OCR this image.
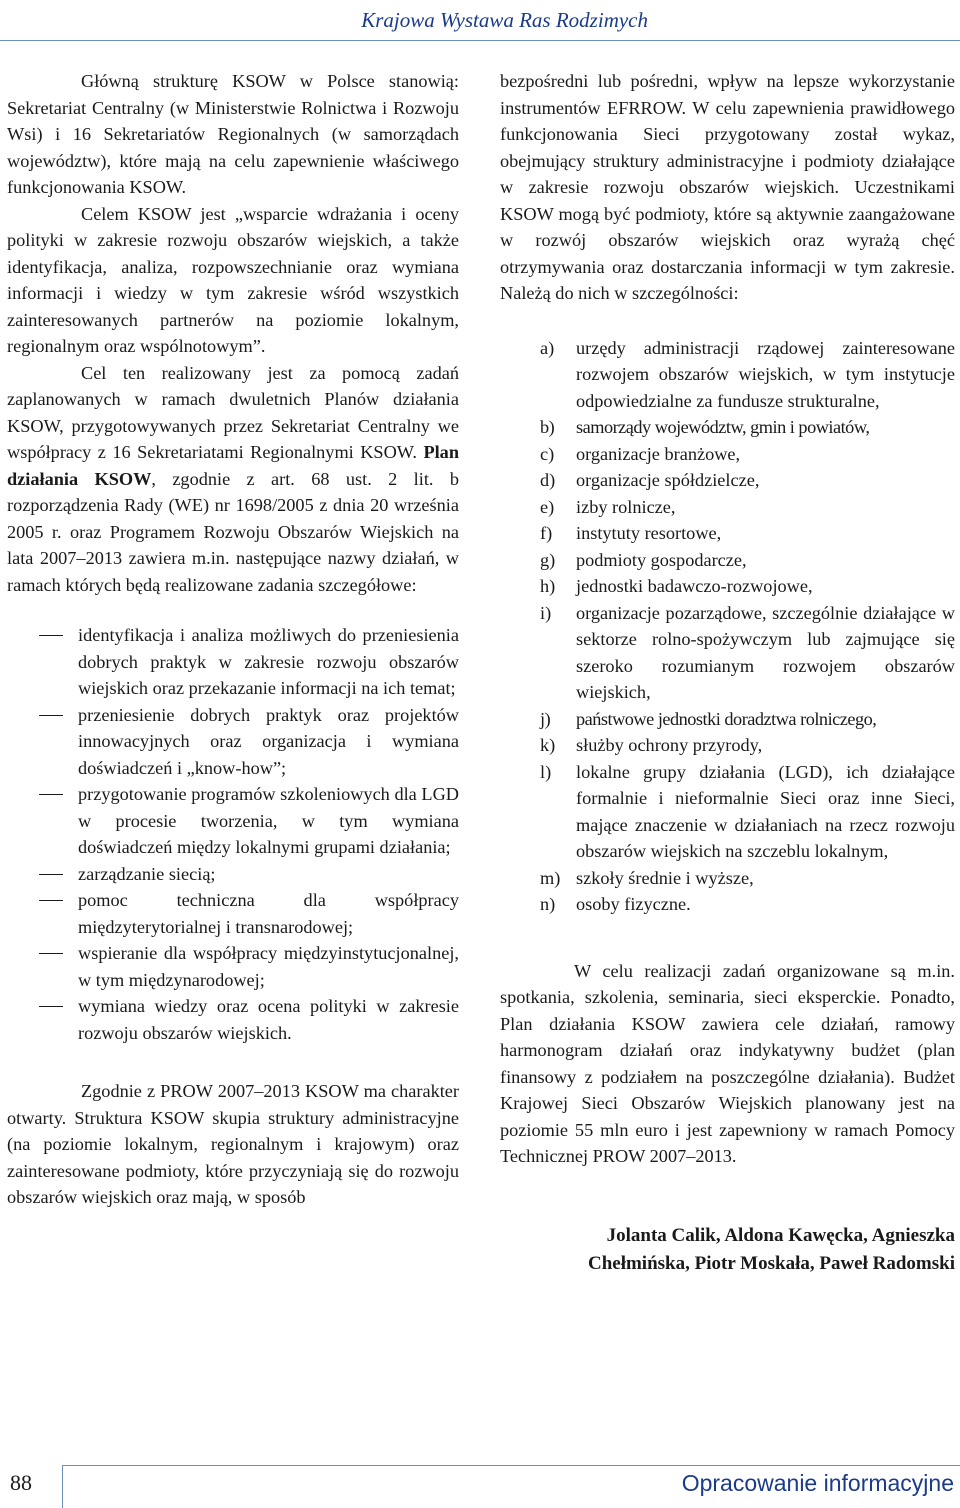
Krajowa Wystawa Ras Rodzimych

Główną strukturę KSOW w Polsce stanowią: Sekretariat Centralny (w Ministerstwie Rolnictwa i Rozwoju Wsi) i 16 Sekretariatów Regionalnych (w samorządach województw), które mają na celu zapewnienie właściwego funkcjonowania KSOW.

Celem KSOW jest „wsparcie wdrażania i oceny polityki w zakresie rozwoju obszarów wiejskich, a także identyfikacja, analiza, rozpowszechnianie oraz wymiana informacji i wiedzy w tym zakresie wśród wszystkich zainteresowanych partnerów na poziomie lokalnym, regionalnym oraz wspólnotowym”.

Cel ten realizowany jest za pomocą zadań zaplanowanych w ramach dwuletnich Planów działania KSOW, przygotowywanych przez Sekretariat Centralny we współpracy z 16 Sekretariatami Regionalnymi KSOW. Plan działania KSOW, zgodnie z art. 68 ust. 2 lit. b rozporządzenia Rady (WE) nr 1698/2005 z dnia 20 września 2005 r. oraz Programem Rozwoju Obszarów Wiejskich na lata 2007‒2013 zawiera m.in. następujące nazwy działań, w ramach których będą realizowane zadania szczegółowe:

identyfikacja i analiza możliwych do przeniesienia dobrych praktyk w zakresie rozwoju obszarów wiejskich oraz przekazanie informacji na ich temat;
przeniesienie dobrych praktyk oraz projektów innowacyjnych oraz organizacja i wymiana doświadczeń i „know-how”;
przygotowanie programów szkoleniowych dla LGD w procesie tworzenia, w tym wymiana doświadczeń między lokalnymi grupami działania;
zarządzanie siecią;
pomoc techniczna dla współpracy międzyterytorialnej i transnarodowej;
wspieranie dla współpracy międzyinstytucjonalnej, w tym międzynarodowej;
wymiana wiedzy oraz ocena polityki w zakresie rozwoju obszarów wiejskich.

Zgodnie z PROW 2007‒2013 KSOW ma charakter otwarty. Struktura KSOW skupia struktury administracyjne (na poziomie lokalnym, regionalnym i krajowym) oraz zainteresowane podmioty, które przyczyniają się do rozwoju obszarów wiejskich oraz mają, w sposób

bezpośredni lub pośredni, wpływ na lepsze wykorzystanie instrumentów EFRROW. W celu zapewnienia prawidłowego funkcjonowania Sieci przygotowany został wykaz, obejmujący struktury administracyjne i podmioty działające w zakresie rozwoju obszarów wiejskich. Uczestnikami KSOW mogą być podmioty, które są aktywnie zaangażowane w rozwój obszarów wiejskich oraz wyrażą chęć otrzymywania oraz dostarczania informacji w tym zakresie. Należą do nich w szczególności:

a)	urzędy administracji rządowej zainteresowane rozwojem obszarów wiejskich, w tym instytucje odpowiedzialne za fundusze strukturalne,
b)	samorządy województw, gmin i powiatów,
c)	organizacje branżowe,
d)	organizacje spółdzielcze,
e)	izby rolnicze,
f)	instytuty resortowe,
g)	podmioty gospodarcze,
h)	jednostki badawczo-rozwojowe,
i)	organizacje pozarządowe, szczególnie działające w sektorze rolno-spożywczym lub zajmujące się szeroko rozumianym rozwojem obszarów wiejskich,
j)	państwowe jednostki doradztwa rolniczego,
k)	służby ochrony przyrody,
l)	lokalne grupy działania (LGD), ich działające formalnie i nieformalnie Sieci oraz inne Sieci, mające znaczenie w działaniach na rzecz rozwoju obszarów wiejskich na szczeblu lokalnym,
m) szkoły średnie i wyższe,
n)	osoby fizyczne.

W celu realizacji zadań organizowane są m.in. spotkania, szkolenia, seminaria, sieci eksperckie. Ponadto, Plan działania KSOW zawiera cele działań, ramowy harmonogram działań oraz indykatywny budżet (plan finansowy z podziałem na poszczególne działania). Budżet Krajowej Sieci Obszarów Wiejskich planowany jest na poziomie 55 mln euro i jest zapewniony w ramach Pomocy Technicznej PROW 2007‒2013.

Jolanta Calik, Aldona Kawęcka, Agnieszka
Chełmińska, Piotr Moskała, Paweł Radomski
88	Opracowanie informacyjne
